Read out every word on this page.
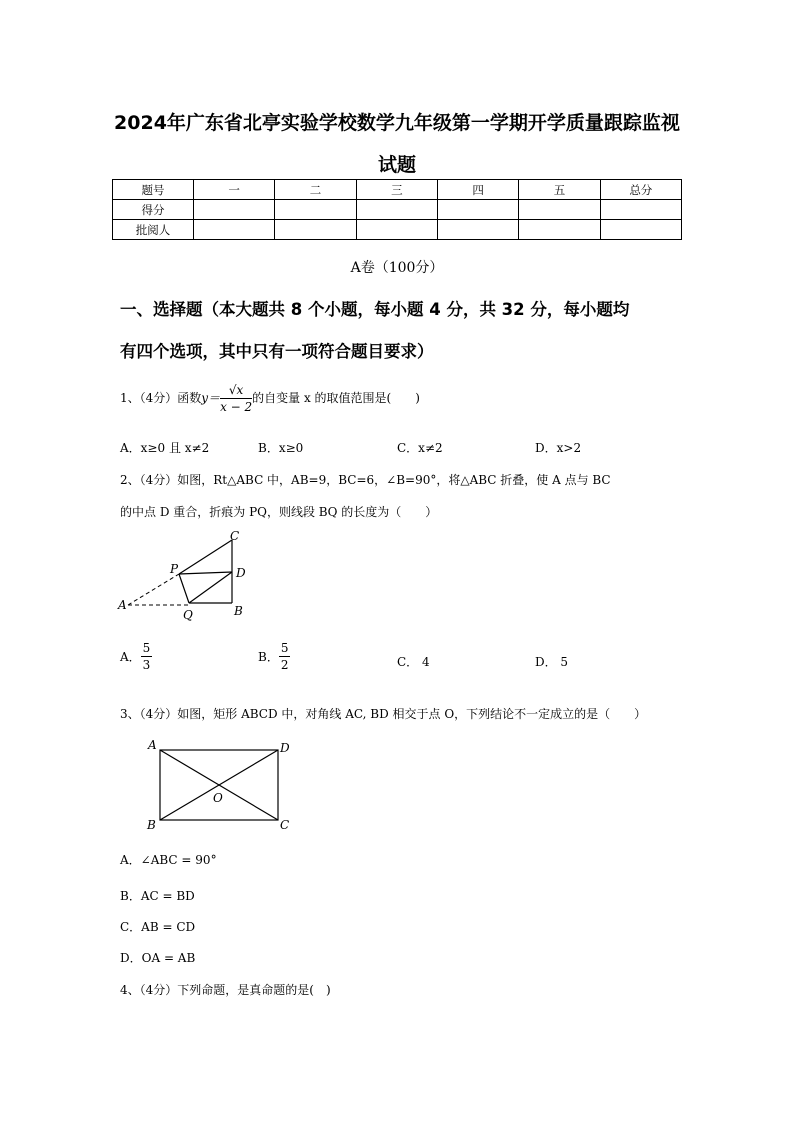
2024年广东省北亭实验学校数学九年级第一学期开学质量跟踪监视
试题
题号	一	二	三	四	五	总分
得分						
批阅人						
A卷（100分）
一、选择题（本大题共 8 个小题，每小题 4 分，共 32 分，每小题均
有四个选项，其中只有一项符合题目要求）
1、（4分）函数$y= \frac{√x}{x - 2}$ 的自变量 x 的取值范围是(　　)
A．x≥0 且 x≠2	B．x≥0	C．x≠2	D．x>2
2、（4分）如图，Rt△ABC 中，AB=9，BC=6，∠B=90°，将△ABC 折叠，使 A 点与 BC
的中点 D 重合，折痕为 PQ，则线段 BQ 的长度为（　　）
C
D
P
A
Q	B
A． $\frac{5}{3}$	B． $\frac{5}{2}$	C． 4	D． 5
3、（4分）如图，矩形 ABCD 中，对角线 AC, BD 相交于点 O，下列结论不一定成立的是（　　）
A	D
O
B	C
A．∠ABC = 90°
B．AC = BD
C．AB = CD
D．OA = AB
4、（4分）下列命题，是真命题的是(　)
